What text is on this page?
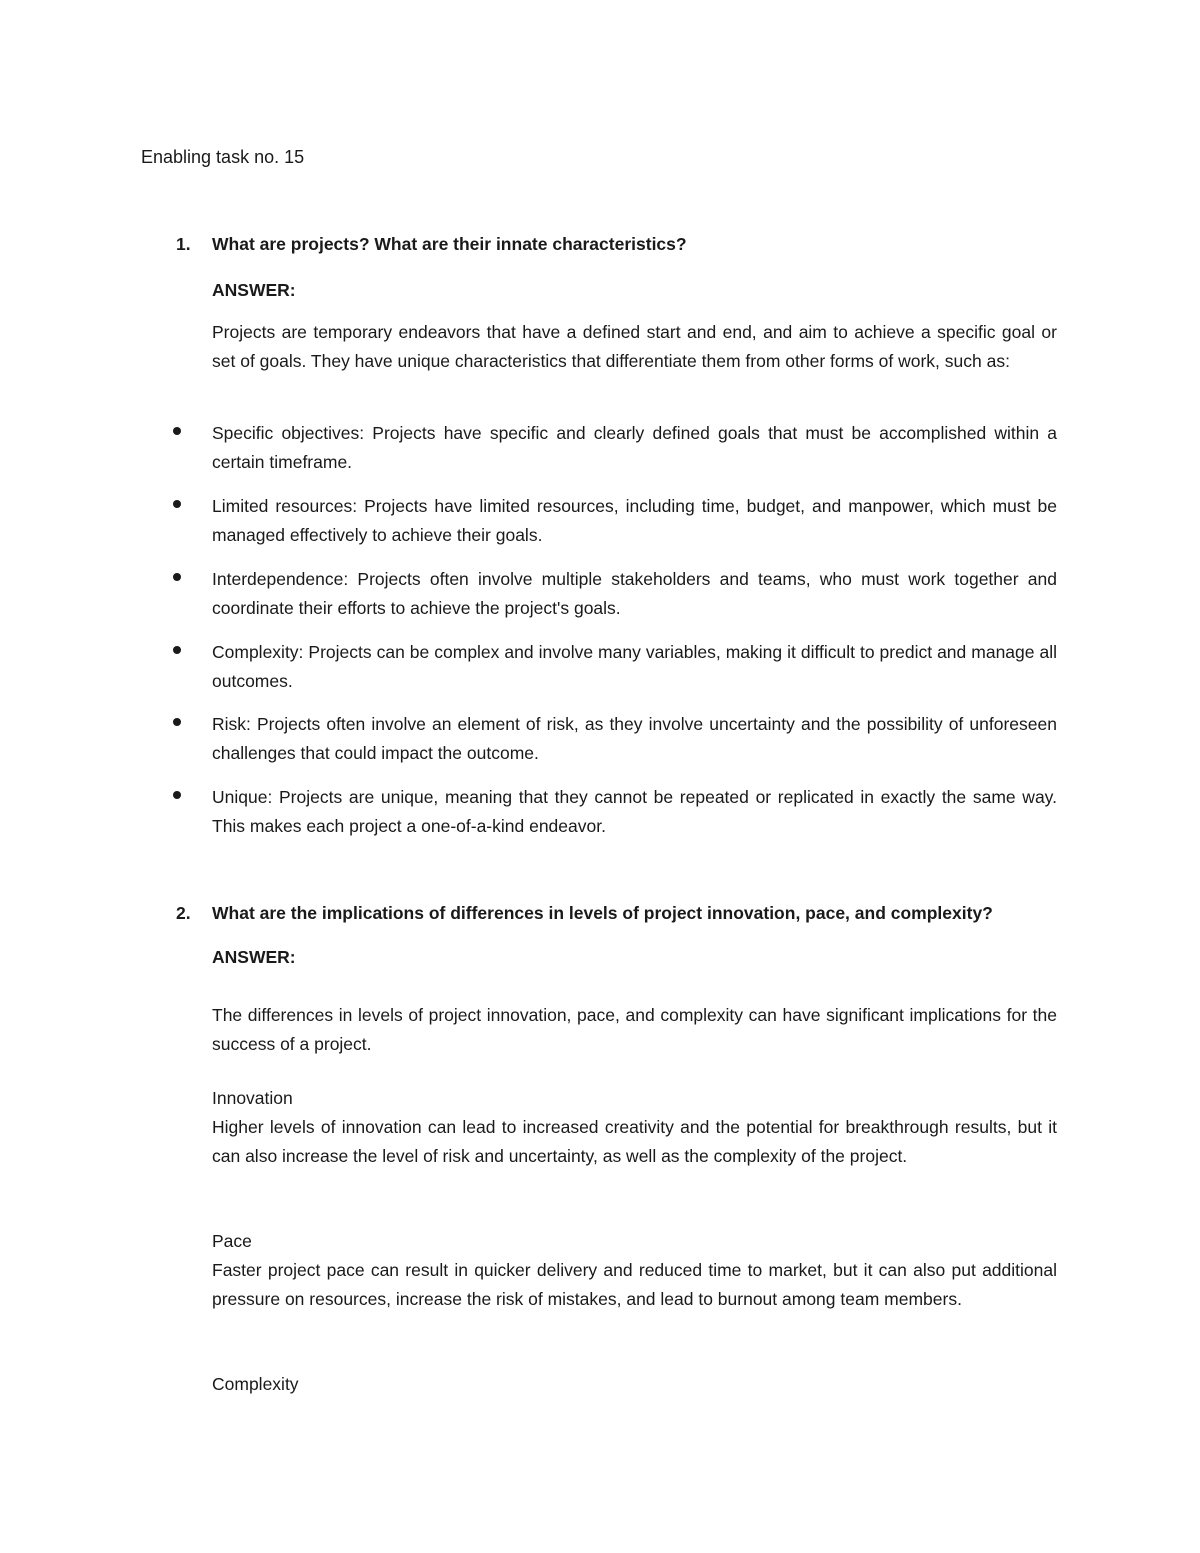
Enabling task no. 15
1. What are projects? What are their innate characteristics?
ANSWER:

Projects are temporary endeavors that have a defined start and end, and aim to achieve a specific goal or set of goals. They have unique characteristics that differentiate them from other forms of work, such as:

Specific objectives: Projects have specific and clearly defined goals that must be accomplished within a certain timeframe.

Limited resources: Projects have limited resources, including time, budget, and manpower, which must be managed effectively to achieve their goals.

Interdependence: Projects often involve multiple stakeholders and teams, who must work together and coordinate their efforts to achieve the project's goals.

Complexity: Projects can be complex and involve many variables, making it difficult to predict and manage all outcomes.

Risk: Projects often involve an element of risk, as they involve uncertainty and the possibility of unforeseen challenges that could impact the outcome.

Unique: Projects are unique, meaning that they cannot be repeated or replicated in exactly the same way. This makes each project a one-of-a-kind endeavor.

2. What are the implications of differences in levels of project innovation, pace, and complexity?
ANSWER:

The differences in levels of project innovation, pace, and complexity can have significant implications for the success of a project.

Innovation

Higher levels of innovation can lead to increased creativity and the potential for breakthrough results, but it can also increase the level of risk and uncertainty, as well as the complexity of the project.

Pace

Faster project pace can result in quicker delivery and reduced time to market, but it can also put additional pressure on resources, increase the risk of mistakes, and lead to burnout among team members.

Complexity
